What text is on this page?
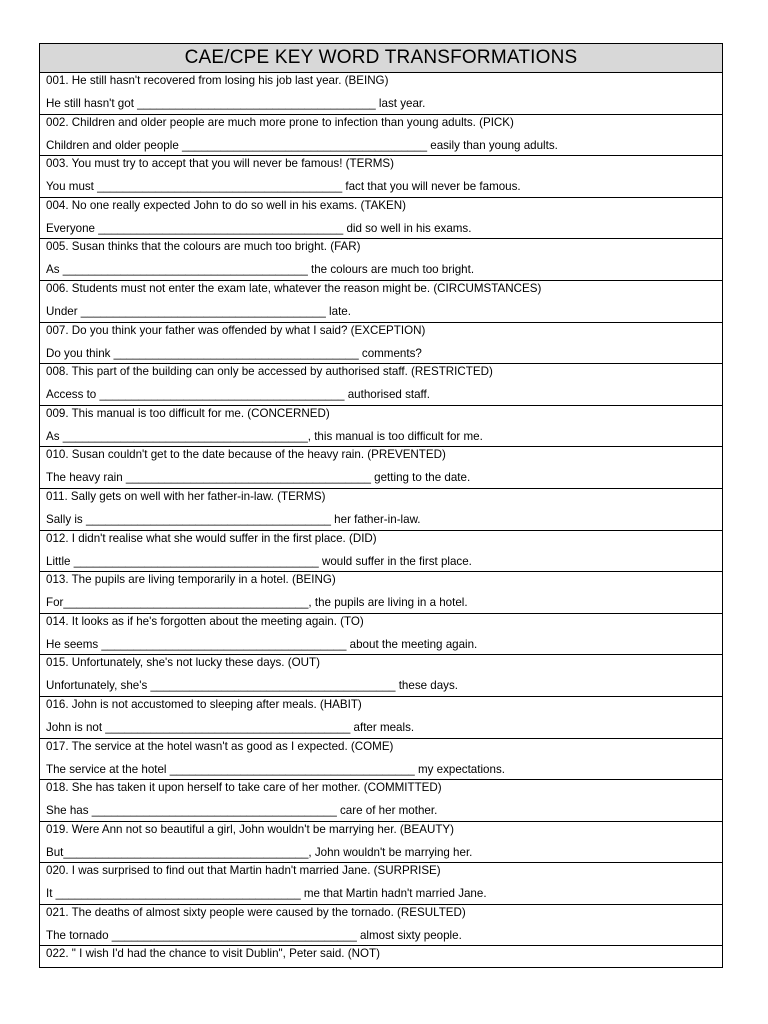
CAE/CPE KEY WORD TRANSFORMATIONS
001. He still hasn't recovered from losing his job last year. (BEING)
He still hasn't got _____________________________________ last year.
002. Children and older people are much more prone to infection than young adults. (PICK)
Children and older people ______________________________________ easily than young adults.
003. You must try to accept that you will never be famous! (TERMS)
You must ______________________________________ fact that you will never be famous.
004. No one really expected John to do so well in his exams. (TAKEN)
Everyone ______________________________________ did so well in his exams.
005. Susan thinks that the colours are much too bright. (FAR)
As ______________________________________ the colours are much too bright.
006. Students must not enter the exam late, whatever the reason might be. (CIRCUMSTANCES)
Under ______________________________________ late.
007. Do you think your father was offended by what I said? (EXCEPTION)
Do you think ______________________________________ comments?
008. This part of the building can only be accessed by authorised staff. (RESTRICTED)
Access to ______________________________________ authorised staff.
009. This manual is too difficult for me. (CONCERNED)
As ______________________________________, this manual is too difficult for me.
010. Susan couldn't get to the date because of the heavy rain. (PREVENTED)
The heavy rain ______________________________________ getting to the date.
011. Sally gets on well with her father-in-law. (TERMS)
Sally is ______________________________________ her father-in-law.
012. I didn't realise what she would suffer in the first place. (DID)
Little ______________________________________ would suffer in the first place.
013. The pupils are living temporarily in a hotel. (BEING)
For______________________________________, the pupils are living in a hotel.
014. It looks as if he's forgotten about the meeting again. (TO)
He seems ______________________________________ about the meeting again.
015. Unfortunately, she's not lucky these days. (OUT)
Unfortunately, she's ______________________________________ these days.
016. John is not accustomed to sleeping after meals. (HABIT)
John is not ______________________________________ after meals.
017. The service at the hotel wasn't as good as I expected. (COME)
The service at the hotel ______________________________________ my expectations.
018. She has taken it upon herself to take care of her mother. (COMMITTED)
She has ______________________________________ care of her mother.
019. Were Ann not so beautiful a girl, John wouldn't be marrying her. (BEAUTY)
But______________________________________, John wouldn't be marrying her.
020. I was surprised to find out that Martin hadn't married Jane. (SURPRISE)
It ______________________________________ me that Martin hadn't married Jane.
021. The deaths of almost sixty people were caused by the tornado. (RESULTED)
The tornado ______________________________________ almost sixty people.
022. " I wish I'd had the chance to visit Dublin", Peter said. (NOT)
